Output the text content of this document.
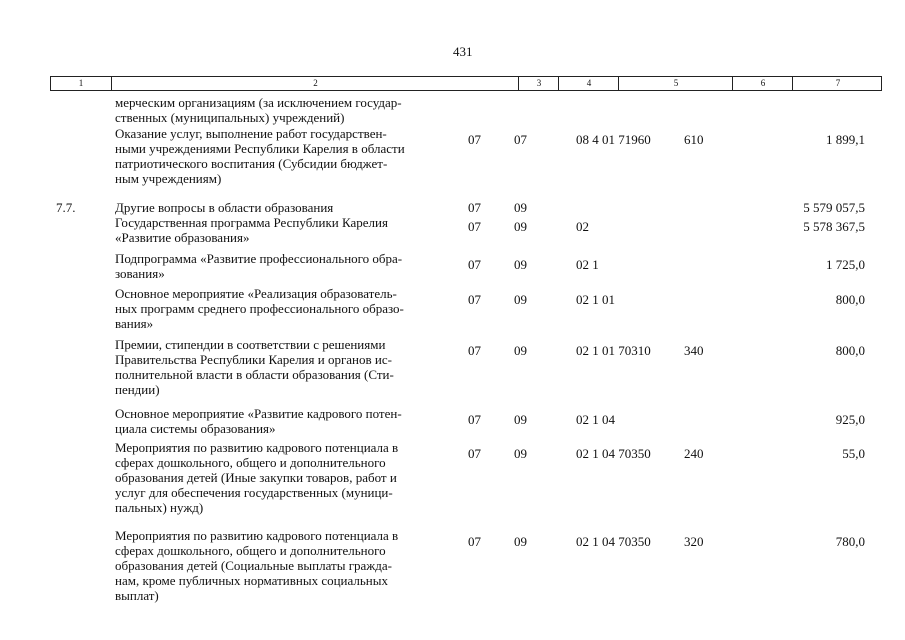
431
1	2	3	4	5	6	7
мерческим организациям (за исключением государ-
ственных (муниципальных) учреждений)
Оказание услуг, выполнение работ государствен-
ными учреждениями Республики Карелия в области
патриотического воспитания (Субсидии бюджет-
ным учреждениям)
07	07	08 4 01 71960	610	1 899,1
7.7.	Другие вопросы в области образования	07	09	5 579 057,5
Государственная программа Республики Карелия
«Развитие образования»
07	09	02	5 578 367,5
Подпрограмма «Развитие профессионального обра-
зования»
07	09	02 1	1 725,0
Основное мероприятие «Реализация образователь-
ных программ среднего профессионального образо-
вания»
07	09	02 1 01	800,0
Премии, стипендии в соответствии с решениями
Правительства Республики Карелия и органов ис-
полнительной власти в области образования (Сти-
пендии)
07	09	02 1 01 70310	340	800,0
Основное мероприятие «Развитие кадрового потен-
циала системы образования»
07	09	02 1 04	925,0
Мероприятия по развитию кадрового потенциала в
сферах дошкольного, общего и дополнительного
образования детей (Иные закупки товаров, работ и
услуг для обеспечения государственных (муници-
пальных) нужд)
07	09	02 1 04 70350	240	55,0
Мероприятия по развитию кадрового потенциала в
сферах дошкольного, общего и дополнительного
образования детей (Социальные выплаты гражда-
нам, кроме публичных нормативных социальных
выплат)
07	09	02 1 04 70350	320	780,0
